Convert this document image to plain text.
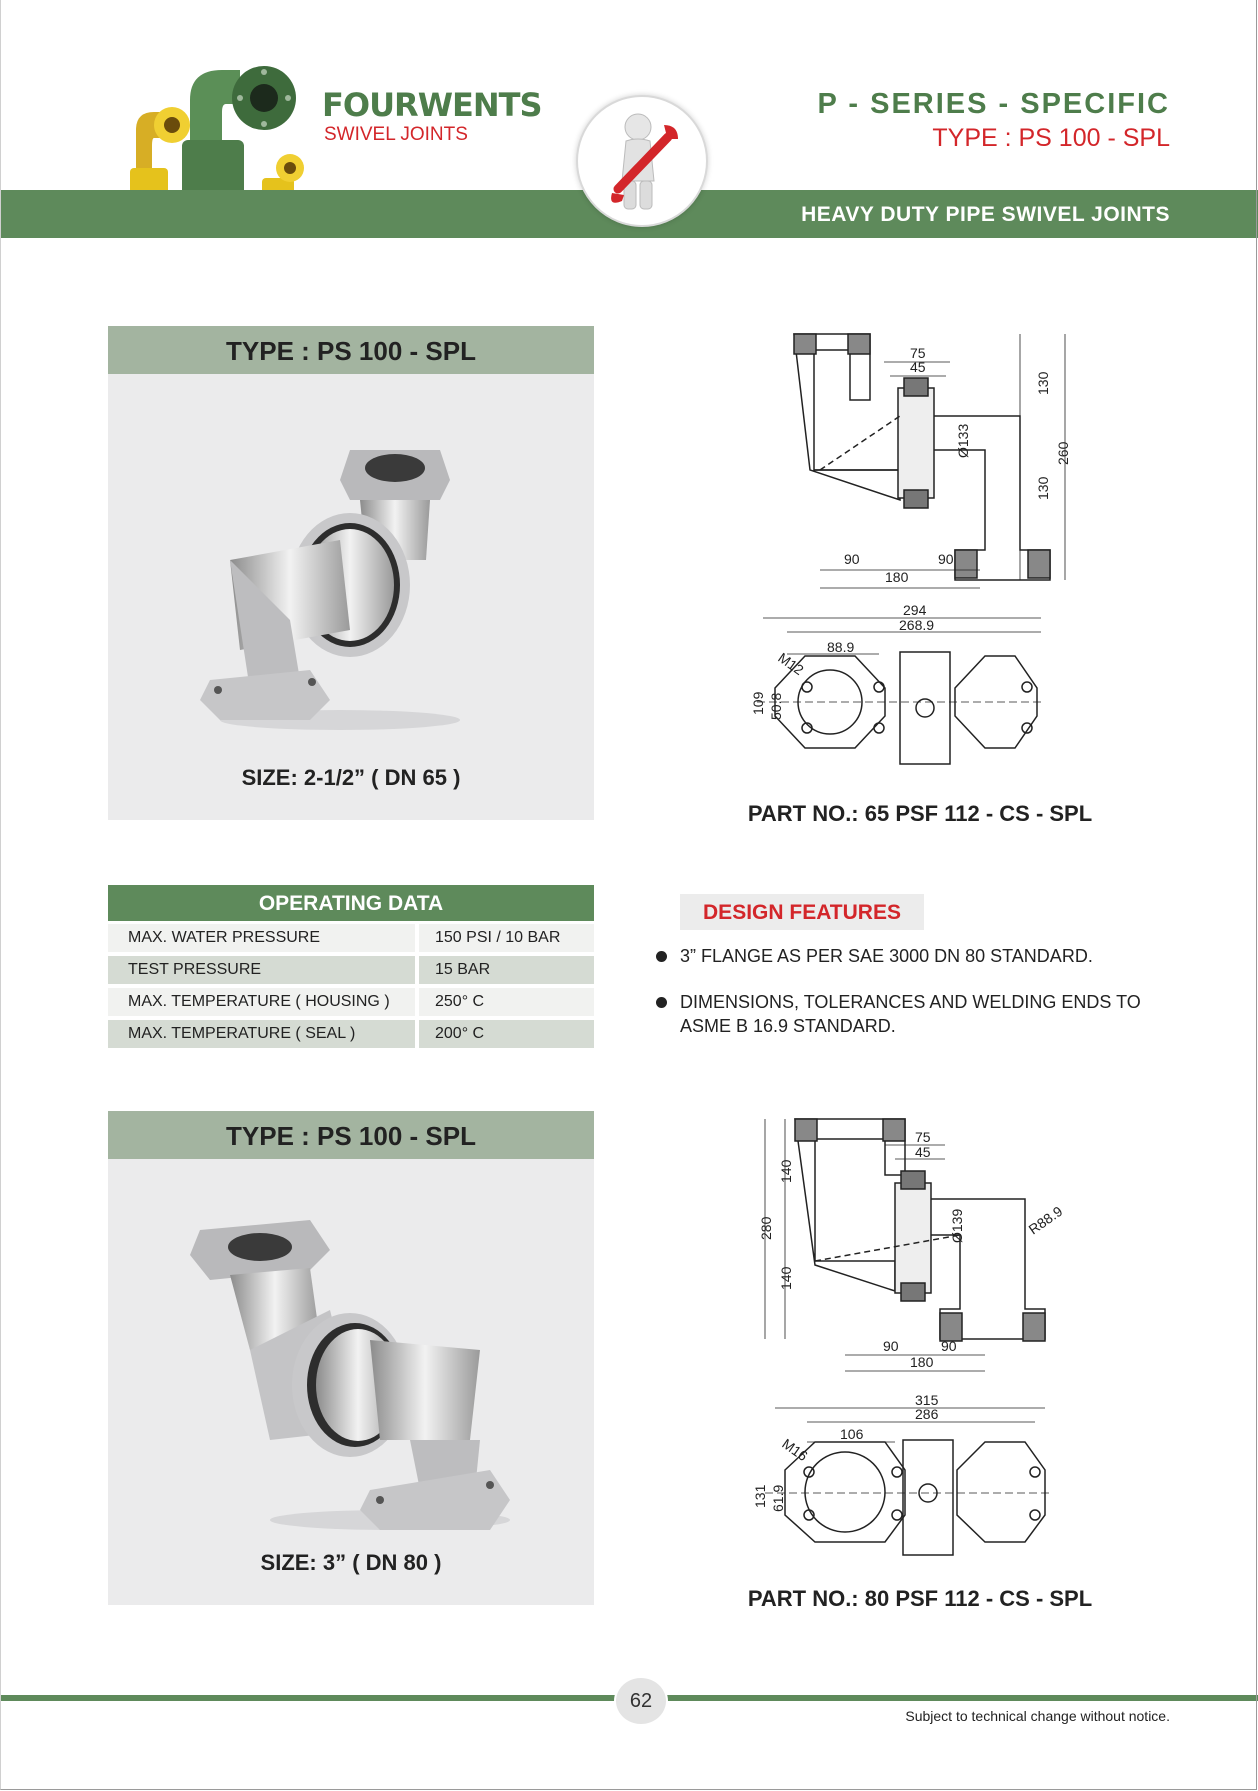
FOURWENTS
SWIVEL JOINTS
P - SERIES - SPECIFIC
TYPE : PS 100 - SPL
HEAVY DUTY PIPE SWIVEL JOINTS
TYPE : PS 100 - SPL
SIZE: 2-1/2” ( DN 65 )
75
45
Ø133
130
260
130
90	90
180
294
268.9
88.9
M12
109 50.8
PART NO.: 65 PSF 112 - CS - SPL
OPERATING DATA
MAX. WATER PRESSURE	150 PSI / 10 BAR
TEST PRESSURE	15 BAR
MAX. TEMPERATURE ( HOUSING )	250° C
MAX. TEMPERATURE ( SEAL )	200° C
DESIGN FEATURES
3” FLANGE AS PER SAE 3000 DN 80 STANDARD.
DIMENSIONS, TOLERANCES AND WELDING ENDS TO ASME B 16.9 STANDARD.
TYPE : PS 100 - SPL
SIZE: 3” ( DN 80 )
75
45
140
280
140
Ø139	R88.9
90	90
180
315
286
106
M16
131 61.9
PART NO.: 80 PSF 112 - CS - SPL
62
Subject to technical change without notice.
